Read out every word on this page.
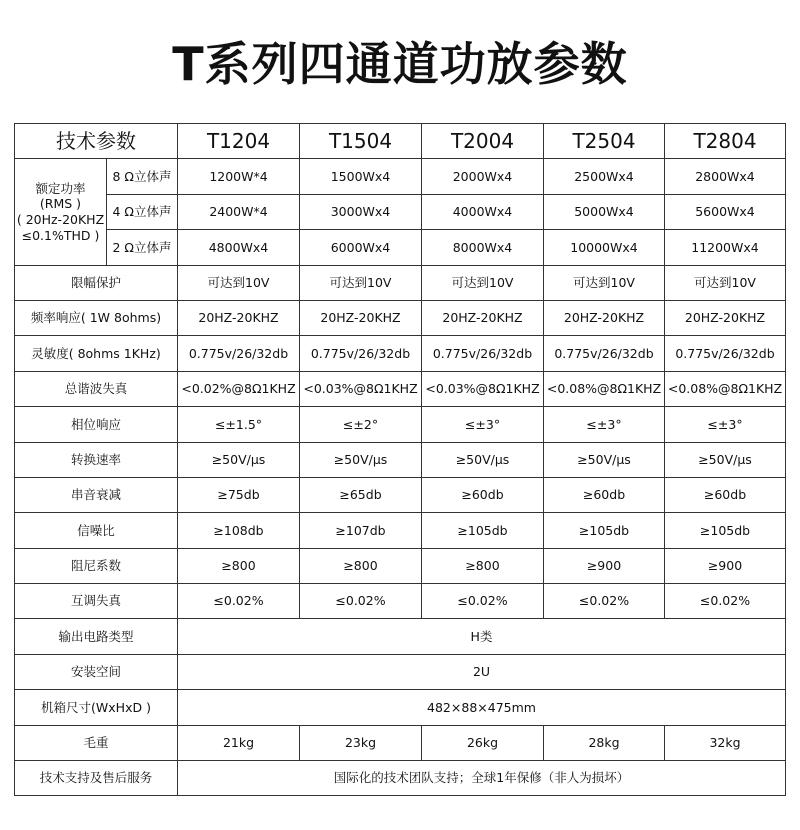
T系列四通道功放参数
技术参数		T1204	T1504	T2004	T2504	T2804
额定功率
(RMS )
( 20Hz-20KHZ
≤0.1%THD )	8 Ω立体声	1200W*4	1500Wx4	2000Wx4	2500Wx4	2800Wx4
	4 Ω立体声	2400W*4	3000Wx4	4000Wx4	5000Wx4	5600Wx4
	2 Ω立体声	4800Wx4	6000Wx4	8000Wx4	10000Wx4	11200Wx4
限幅保护		可达到10V	可达到10V	可达到10V	可达到10V	可达到10V
频率响应( 1W 8ohms)		20HZ-20KHZ	20HZ-20KHZ	20HZ-20KHZ	20HZ-20KHZ	20HZ-20KHZ
灵敏度( 8ohms 1KHz)		0.775v/26/32db	0.775v/26/32db	0.775v/26/32db	0.775v/26/32db	0.775v/26/32db
总谐波失真		<0.02%@8Ω1KHZ	<0.03%@8Ω1KHZ	<0.03%@8Ω1KHZ	<0.08%@8Ω1KHZ	<0.08%@8Ω1KHZ
相位响应		≤±1.5°	≤±2°	≤±3°	≤±3°	≤±3°
转换速率		≥50V/μs	≥50V/μs	≥50V/μs	≥50V/μs	≥50V/μs
串音衰减		≥75db	≥65db	≥60db	≥60db	≥60db
信噪比		≥108db	≥107db	≥105db	≥105db	≥105db
阻尼系数		≥800	≥800	≥800	≥900	≥900
互调失真		≤0.02%	≤0.02%	≤0.02%	≤0.02%	≤0.02%
输出电路类型		H类				
安装空间		2U				
机箱尺寸(WxHxD )		482×88×475mm				
毛重		21kg	23kg	26kg	28kg	32kg
技术支持及售后服务		国际化的技术团队支持；全球1年保修（非人为损坏）				
